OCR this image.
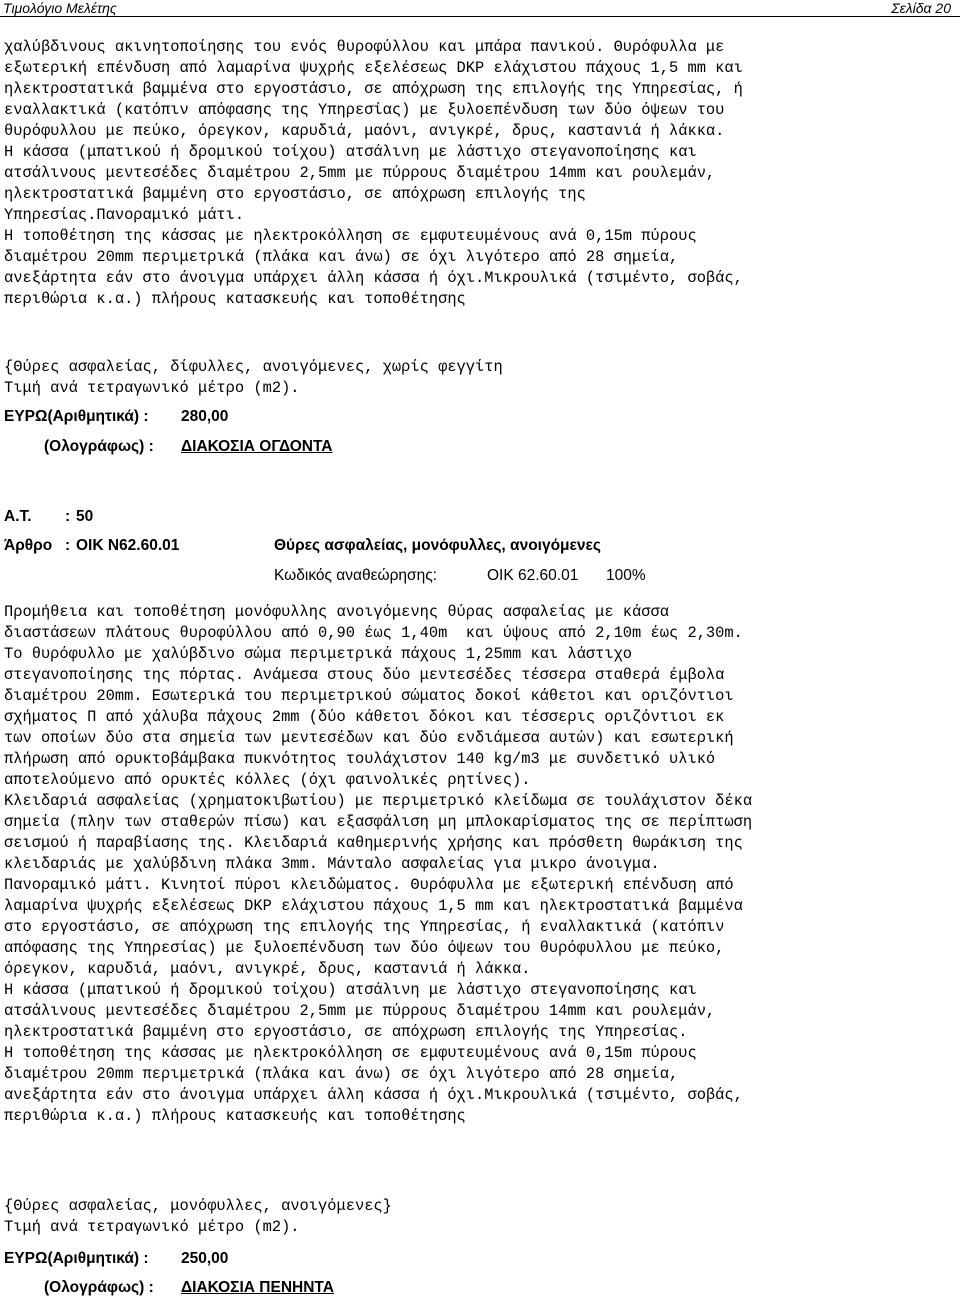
Τιμολόγιο Μελέτης	Σελίδα 20
χαλύβδινους ακινητοποίησης του ενός θυροφύλλου και μπάρα πανικού. Θυρόφυλλα με
εξωτερική επένδυση από λαμαρίνα ψυχρής εξελέσεως DKP ελάχιστου πάχους 1,5 mm και
ηλεκτροστατικά βαμμένα στο εργοστάσιο, σε απόχρωση της επιλογής της Υπηρεσίας, ή
εναλλακτικά (κατόπιν απόφασης της Υπηρεσίας) με ξυλοεπένδυση των δύο όψεων του
θυρόφυλλου με πεύκο, όρεγκον, καρυδιά, μαόνι, ανιγκρέ, δρυς, καστανιά ή λάκκα.
Η κάσσα (μπατικού ή δρομικού τοίχου) ατσάλινη με λάστιχο στεγανοποίησης και
ατσάλινους μεντεσέδες διαμέτρου 2,5mm με πύρρους διαμέτρου 14mm και ρουλεμάν,
ηλεκτροστατικά βαμμένη στο εργοστάσιο, σε απόχρωση επιλογής της
Υπηρεσίας.Πανοραμικό μάτι.
Η τοποθέτηση της κάσσας με ηλεκτροκόλληση σε εμφυτευμένους ανά 0,15m πύρους
διαμέτρου 20mm περιμετρικά (πλάκα και άνω) σε όχι λιγότερο από 28 σημεία,
ανεξάρτητα εάν στο άνοιγμα υπάρχει άλλη κάσσα ή όχι.Μικρουλικά (τσιμέντο, σοβάς,
περιθώρια κ.α.) πλήρους κατασκευής και τοποθέτησης
{Θύρες ασφαλείας, δίφυλλες, ανοιγόμενες, χωρίς φεγγίτη
Τιμή ανά τετραγωνικό μέτρο (m2).
ΕΥΡΩ(Αριθμητικά) : 280,00
(Ολογράφως) : ΔΙΑΚΟΣΙΑ ΟΓΔΟΝΤΑ
Α.Τ. : 50
Άρθρο : ΟΙΚ Ν62.60.01	Θύρες ασφαλείας, μονόφυλλες, ανοιγόμενες
Κωδικός αναθεώρησης:	ΟΙΚ 62.60.01 100%
Προμήθεια και τοποθέτηση μονόφυλλης ανοιγόμενης θύρας ασφαλείας με κάσσα
διαστάσεων πλάτους θυροφύλλου από 0,90 έως 1,40m  και ύψους από 2,10m έως 2,30m.
Το θυρόφυλλο με χαλύβδινο σώμα περιμετρικά πάχους 1,25mm και λάστιχο
στεγανοποίησης της πόρτας. Ανάμεσα στους δύο μεντεσέδες τέσσερα σταθερά έμβολα
διαμέτρου 20mm. Εσωτερικά του περιμετρικού σώματος δοκοί κάθετοι και οριζόντιοι
σχήματος Π από χάλυβα πάχους 2mm (δύο κάθετοι δόκοι και τέσσερις οριζόντιοι εκ
των οποίων δύο στα σημεία των μεντεσέδων και δύο ενδιάμεσα αυτών) και εσωτερική
πλήρωση από ορυκτοβάμβακα πυκνότητος τουλάχιστον 140 kg/m3 με συνδετικό υλικό
αποτελούμενο από ορυκτές κόλλες (όχι φαινολικές ρητίνες).
Κλειδαριά ασφαλείας (χρηματοκιβωτίου) με περιμετρικό κλείδωμα σε τουλάχιστον δέκα
σημεία (πλην των σταθερών πίσω) και εξασφάλιση μη μπλοκαρίσματος της σε περίπτωση
σεισμού ή παραβίασης της. Κλειδαριά καθημερινής χρήσης και πρόσθετη θωράκιση της
κλειδαριάς με χαλύβδινη πλάκα 3mm. Μάνταλο ασφαλείας για μικρο άνοιγμα.
Πανοραμικό μάτι. Κινητοί πύροι κλειδώματος. Θυρόφυλλα με εξωτερική επένδυση από
λαμαρίνα ψυχρής εξελέσεως DKP ελάχιστου πάχους 1,5 mm και ηλεκτροστατικά βαμμένα
στο εργοστάσιο, σε απόχρωση της επιλογής της Υπηρεσίας, ή εναλλακτικά (κατόπιν
απόφασης της Υπηρεσίας) με ξυλοεπένδυση των δύο όψεων του θυρόφυλλου με πεύκο,
όρεγκον, καρυδιά, μαόνι, ανιγκρέ, δρυς, καστανιά ή λάκκα.
Η κάσσα (μπατικού ή δρομικού τοίχου) ατσάλινη με λάστιχο στεγανοποίησης και
ατσάλινους μεντεσέδες διαμέτρου 2,5mm με πύρρους διαμέτρου 14mm και ρουλεμάν,
ηλεκτροστατικά βαμμένη στο εργοστάσιο, σε απόχρωση επιλογής της Υπηρεσίας.
Η τοποθέτηση της κάσσας με ηλεκτροκόλληση σε εμφυτευμένους ανά 0,15m πύρους
διαμέτρου 20mm περιμετρικά (πλάκα και άνω) σε όχι λιγότερο από 28 σημεία,
ανεξάρτητα εάν στο άνοιγμα υπάρχει άλλη κάσσα ή όχι.Μικρουλικά (τσιμέντο, σοβάς,
περιθώρια κ.α.) πλήρους κατασκευής και τοποθέτησης
{Θύρες ασφαλείας, μονόφυλλες, ανοιγόμενες}
Τιμή ανά τετραγωνικό μέτρο (m2).
ΕΥΡΩ(Αριθμητικά) : 250,00
(Ολογράφως) : ΔΙΑΚΟΣΙΑ ΠΕΝΗΝΤΑ
